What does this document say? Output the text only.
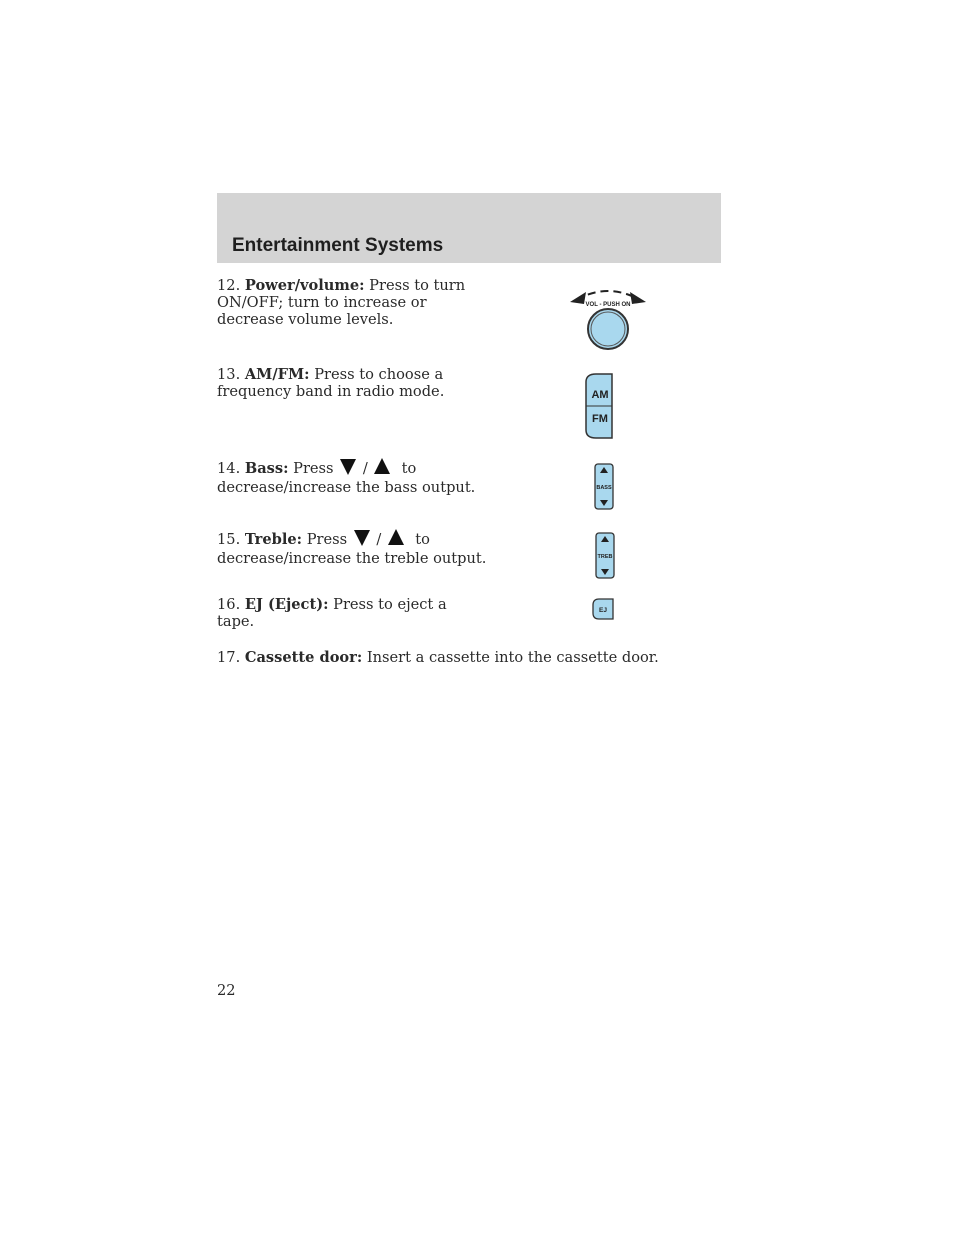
Entertainment Systems
12. Power/volume: Press to turn
ON/OFF; turn to increase or
decrease volume levels.
VOL - PUSH ON
13. AM/FM: Press to choose a
frequency band in radio mode.	AM
FM
14. Bass: Press / to
decrease/increase the bass output.	BASS
15. Treble: Press / to
decrease/increase the treble output.	TREB
16. EJ (Eject): Press to eject a
tape.
EJ
17. Cassette door: Insert a cassette into the cassette door.
22
